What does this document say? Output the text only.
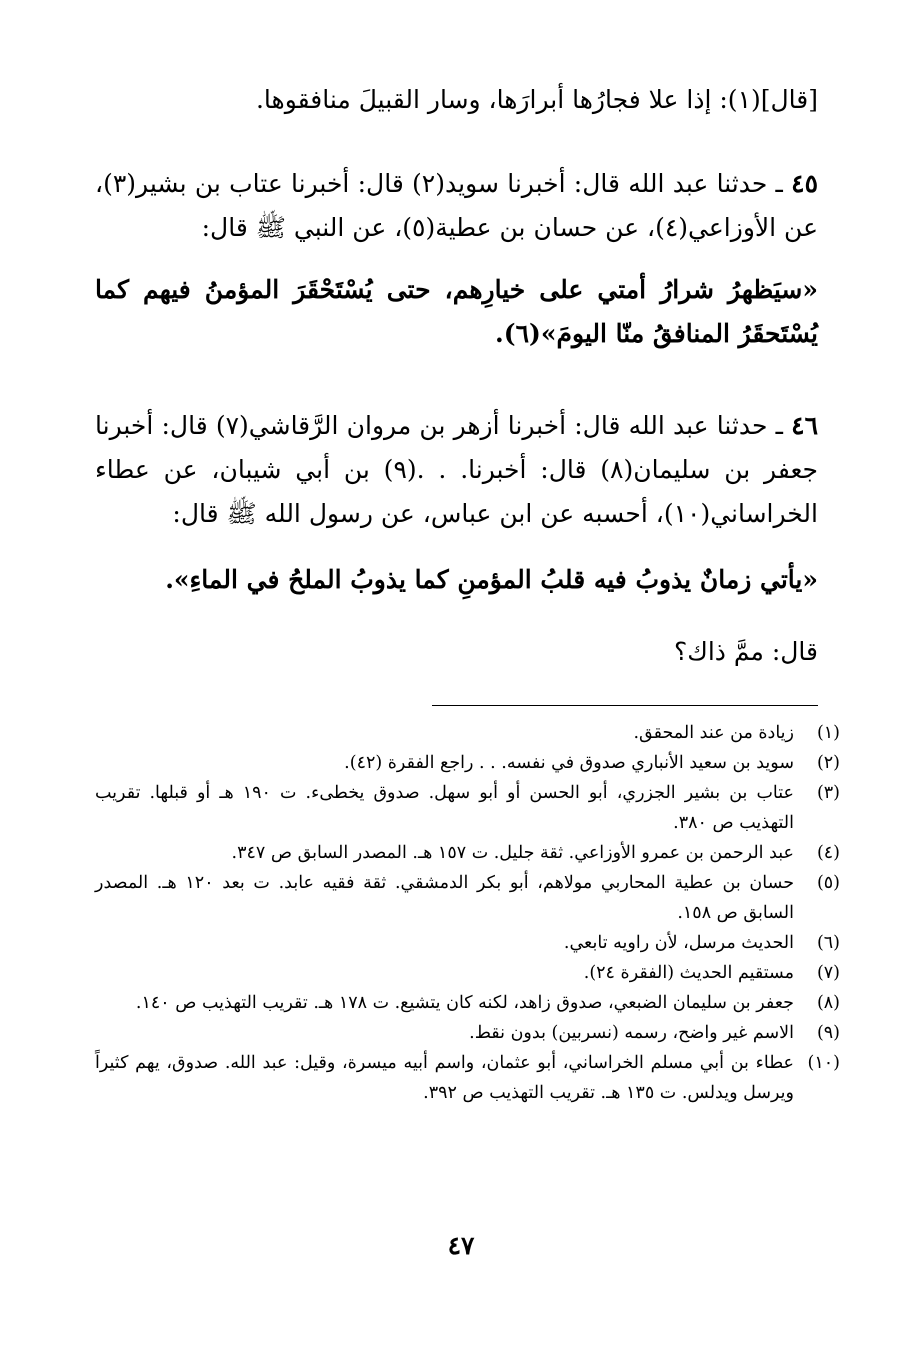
[قال](١): إذا علا فجارُها أبرارَها، وسار القبيلَ منافقوها.

٤٥ ـ حدثنا عبد الله قال: أخبرنا سويد(٢) قال: أخبرنا عتاب بن بشير(٣)، عن الأوزاعي(٤)، عن حسان بن عطية(٥)، عن النبي ﷺ قال:

«سيَظهرُ شرارُ أمتي على خيارِهم، حتى يُسْتَحْقَرَ المؤمنُ فيهم كما يُسْتَحقَرُ المنافقُ منّا اليومَ»(٦).

٤٦ ـ حدثنا عبد الله قال: أخبرنا أزهر بن مروان الرَّقاشي(٧) قال: أخبرنا جعفر بن سليمان(٨) قال: أخبرنا. . .(٩) بن أبي شيبان، عن عطاء الخراساني(١٠)، أحسبه عن ابن عباس، عن رسول الله ﷺ قال:

«يأتي زمانٌ يذوبُ فيه قلبُ المؤمنِ كما يذوبُ الملحُ في الماءِ».

قال: ممَّ ذاك؟

(١)
زيادة من عند المحقق.
(٢)
سويد بن سعيد الأنباري صدوق في نفسه. . . راجع الفقرة (٤٢).
(٣)
عتاب بن بشير الجزري، أبو الحسن أو أبو سهل. صدوق يخطىء. ت ١٩٠ هـ أو قبلها. تقريب التهذيب ص ٣٨٠.
(٤)
عبد الرحمن بن عمرو الأوزاعي. ثقة جليل. ت ١٥٧ هـ. المصدر السابق ص ٣٤٧.
(٥)
حسان بن عطية المحاربي مولاهم، أبو بكر الدمشقي. ثقة فقيه عابد. ت بعد ١٢٠ هـ. المصدر السابق ص ١٥٨.
(٦)
الحديث مرسل، لأن راويه تابعي.
(٧)
مستقيم الحديث (الفقرة ٢٤).
(٨)
جعفر بن سليمان الضبعي، صدوق زاهد، لكنه كان يتشيع. ت ١٧٨ هـ. تقريب التهذيب ص ١٤٠.
(٩)
الاسم غير واضح، رسمه (نسربين) بدون نقط.
(١٠)
عطاء بن أبي مسلم الخراساني، أبو عثمان، واسم أبيه ميسرة، وقيل: عبد الله. صدوق، يهم كثيراً ويرسل ويدلس. ت ١٣٥ هـ. تقريب التهذيب ص ٣٩٢.
٤٧
